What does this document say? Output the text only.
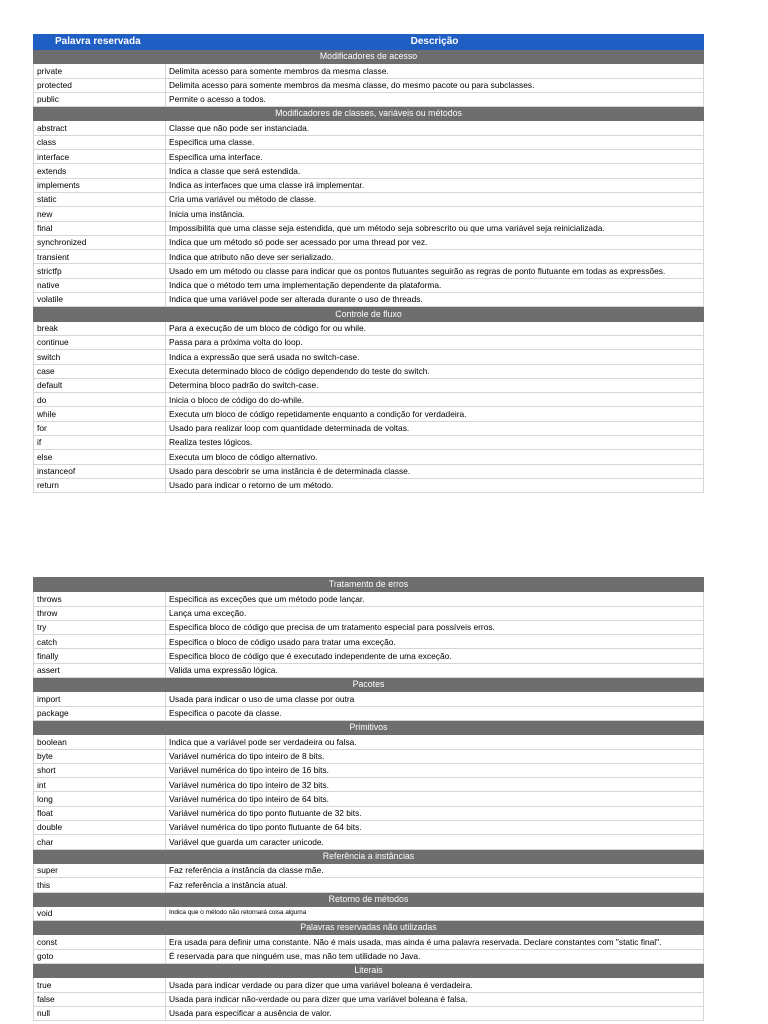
Palavra reservada	Descrição
Modificadores de acesso	
private	Delimita acesso para somente membros da mesma classe.
protected	Delimita acesso para somente membros da mesma classe, do mesmo pacote ou para subclasses.
public	Permite o acesso a todos.
Modificadores de classes, variáveis ou métodos	
abstract	Classe que não pode ser instanciada.
class	Especifica uma classe.
interface	Especifica uma interface.
extends	Indica a classe que será estendida.
implements	Indica as interfaces que uma classe irá implementar.
static	Cria uma variável ou método de classe.
new	Inicia uma instância.
final	Impossibilita que uma classe seja estendida, que um método seja sobrescrito ou que uma variável seja reinicializada.
synchronized	Indica que um método só pode ser acessado por uma thread por vez.
transient	Indica que atributo não deve ser serializado.
strictfp	Usado em um método ou classe para indicar que os pontos flutuantes seguirão as regras de ponto flutuante em todas as expressões.
native	Indica que o método tem uma implementação dependente da plataforma.
volatile	Indica que uma variável pode ser alterada durante o uso de threads.
Controle de fluxo	
break	Para a execução de um bloco de código for ou while.
continue	Passa para a próxima volta do loop.
switch	Indica a expressão que será usada no switch-case.
case	Executa determinado bloco de código dependendo do teste do switch.
default	Determina bloco padrão do switch-case.
do	Inicia o bloco de código do do-while.
while	Executa um bloco de código repetidamente enquanto a condição for verdadeira.
for	Usado para realizar loop com quantidade determinada de voltas.
if	Realiza testes lógicos.
else	Executa um bloco de código alternativo.
instanceof	Usado para descobrir se uma instância é de determinada classe.
return	Usado para indicar o retorno de um método.
Tratamento de erros	
throws	Especifica as exceções que um método pode lançar.
throw	Lança uma exceção.
try	Especifica bloco de código que precisa de um tratamento especial para possíveis erros.
catch	Especifica o bloco de código usado para tratar uma exceção.
finally	Especifica bloco de código que é executado independente de uma exceção.
assert	Valida uma expressão lógica.
Pacotes	
import	Usada para indicar o uso de uma classe por outra
package	Especifica o pacote da classe.
Primitivos	
boolean	Indica que a variável pode ser verdadeira ou falsa.
byte	Variável numérica do tipo inteiro de 8 bits.
short	Variável numérica do tipo inteiro de 16 bits.
int	Variável numérica do tipo inteiro de 32 bits.
long	Variável numérica do tipo inteiro de 64 bits.
float	Variável numérica do tipo ponto flutuante de 32 bits.
double	Variável numérica do tipo ponto flutuante de 64 bits.
char	Variável que guarda um caracter unicode.
Referência a instâncias	
super	Faz referência a instância da classe mãe.
this	Faz referência a instância atual.
Retorno de métodos	
void	Indica que o método não retornará coisa alguma
Palavras reservadas não utilizadas	
const	Era usada para definir uma constante. Não é mais usada, mas ainda é uma palavra reservada. Declare constantes com "static final".
goto	É reservada para que ninguém use, mas não tem utilidade no Java.
Literais	
true	Usada para indicar verdade ou para dizer que uma variável boleana é verdadeira.
false	Usada para indicar não-verdade ou para dizer que uma variável boleana é falsa.
null	Usada para especificar a ausência de valor.
